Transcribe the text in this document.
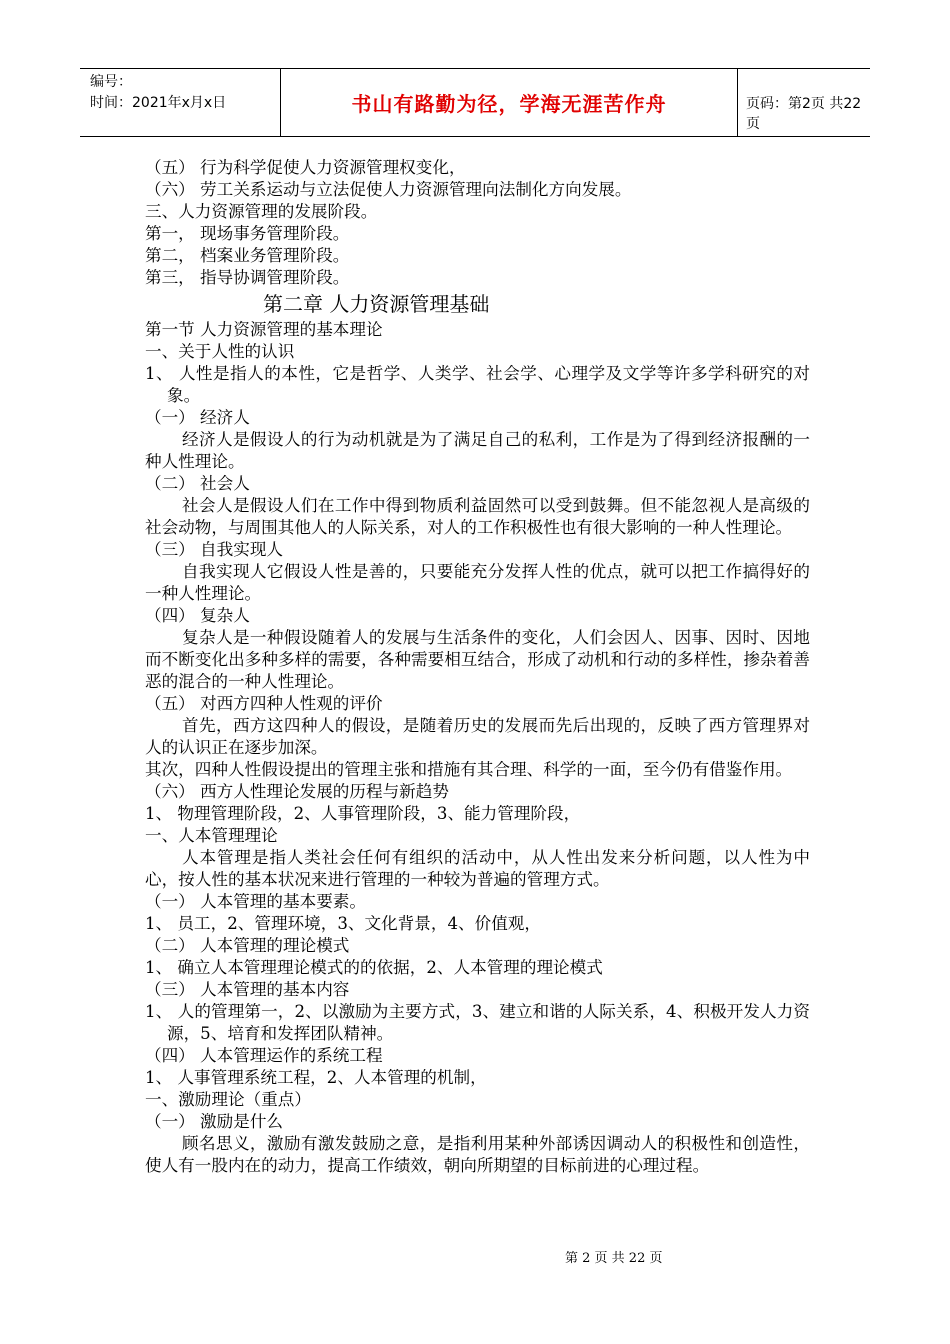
编号：
时间：2021年x月x日	书山有路勤为径，学海无涯苦作舟	页码：第2页 共22页

（五） 行为科学促使人力资源管理权变化，

（六） 劳工关系运动与立法促使人力资源管理向法制化方向发展。

三、人力资源管理的发展阶段。

第一， 现场事务管理阶段。

第二， 档案业务管理阶段。

第三， 指导协调管理阶段。

第二章 人力资源管理基础

第一节 人力资源管理的基本理论

一、关于人性的认识

1、 人性是指人的本性，它是哲学、人类学、社会学、心理学及文学等许多学科研究的对象。

（一） 经济人

经济人是假设人的行为动机就是为了满足自己的私利，工作是为了得到经济报酬的一种人性理论。

（二） 社会人

社会人是假设人们在工作中得到物质利益固然可以受到鼓舞。但不能忽视人是高级的社会动物，与周围其他人的人际关系，对人的工作积极性也有很大影响的一种人性理论。

（三） 自我实现人

自我实现人它假设人性是善的，只要能充分发挥人性的优点，就可以把工作搞得好的一种人性理论。

（四） 复杂人

复杂人是一种假设随着人的发展与生活条件的变化，人们会因人、因事、因时、因地而不断变化出多种多样的需要，各种需要相互结合，形成了动机和行动的多样性，掺杂着善恶的混合的一种人性理论。

（五） 对西方四种人性观的评价

首先，西方这四种人的假设，是随着历史的发展而先后出现的，反映了西方管理界对人的认识正在逐步加深。

其次，四种人性假设提出的管理主张和措施有其合理、科学的一面，至今仍有借鉴作用。

（六） 西方人性理论发展的历程与新趋势

1、 物理管理阶段，2、人事管理阶段，3、能力管理阶段，

一、人本管理理论

人本管理是指人类社会任何有组织的活动中，从人性出发来分析问题，以人性为中心，按人性的基本状况来进行管理的一种较为普遍的管理方式。

（一） 人本管理的基本要素。

1、 员工，2、管理环境，3、文化背景，4、价值观，

（二） 人本管理的理论模式

1、 确立人本管理理论模式的的依据，2、人本管理的理论模式

（三） 人本管理的基本内容

1、 人的管理第一，2、以激励为主要方式，3、建立和谐的人际关系，4、积极开发人力资源，5、培育和发挥团队精神。

（四） 人本管理运作的系统工程

1、 人事管理系统工程，2、人本管理的机制，

一、激励理论（重点）

（一） 激励是什么

顾名思义，激励有激发鼓励之意，是指利用某种外部诱因调动人的积极性和创造性，使人有一股内在的动力，提高工作绩效，朝向所期望的目标前进的心理过程。

第 2 页 共 22 页
